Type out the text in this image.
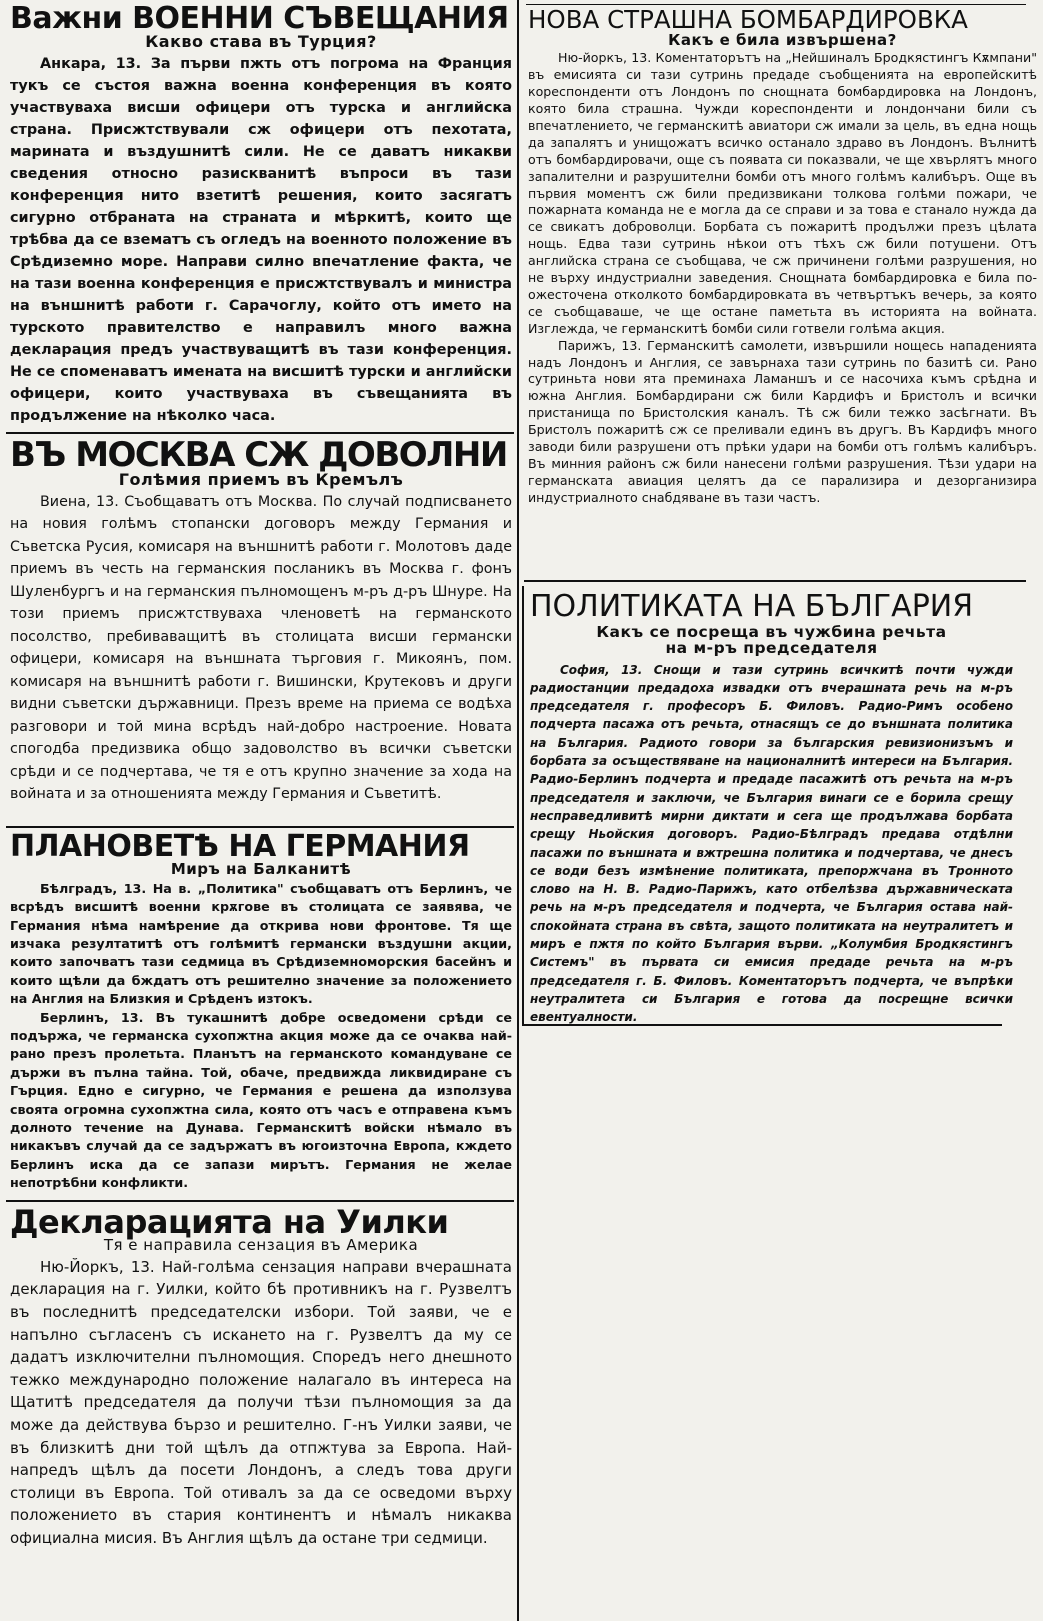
Важни ВОЕННИ СЪВЕЩАНИЯ
Какво става въ Турция?
Анкара, 13. За първи пжть отъ погрома на Франция тукъ се състоя важна военна конференция въ която участвуваха висши офицери отъ турска и английска страна. Присжтствували сж офицери отъ пехотата, марината и въздушнитѣ сили. Не се даватъ никакви сведения относно разискванитѣ въпроси въ тази конференция нито взетитѣ решения, които засягатъ сигурно отбраната на страната и мѣркитѣ, които ще трѣбва да се взематъ съ огледъ на военното положение въ Срѣдиземно море. Направи силно впечатление факта, че на тази военна конференция е присжтствувалъ и министра на външнитѣ работи г. Сарачоглу, който отъ името на турското правителство е направилъ много важна декларация предъ участвуващитѣ въ тази конференция. Не се споменаватъ имената на висшитѣ турски и английски офицери, които участвуваха въ съвещанията въ продължение на нѣколко часа.
ВЪ МОСКВА СЖ ДОВОЛНИ
Голѣмия приемъ въ Кремълъ
Виена, 13. Съобщаватъ отъ Москва. По случай подписването на новия голѣмъ стопански договоръ между Германия и Съветска Русия, комисаря на външнитѣ работи г. Молотовъ даде приемъ въ честь на германския посланикъ въ Москва г. фонъ Шуленбургъ и на германския пълномощенъ м-ръ д-ръ Шнуре. На този приемъ присжтствуваха членоветѣ на германското посолство, пребиваващитѣ въ столицата висши германски офицери, комисаря на външната търговия г. Микоянъ, пом. комисаря на външнитѣ работи г. Вишински, Крутековъ и други видни съветски държавници. Презъ време на приема се водѣха разговори и той мина всрѣдъ най-добро настроение. Новата спогодба предизвика общо задоволство въ всички съветски срѣди и се подчертава, че тя е отъ крупно значение за хода на войната и за отношенията между Германия и Съветитѣ.
ПЛАНОВЕТѢ НА ГЕРМАНИЯ
Миръ на Балканитѣ

Бѣлградъ, 13. На в. „Политика" съобщаватъ отъ Берлинъ, че всрѣдъ висшитѣ военни крѫгове въ столицата се заявява, че Германия нѣма намѣрение да открива нови фронтове. Тя ще изчака резултатитѣ отъ голѣмитѣ германски въздушни акции, които започватъ тази седмица въ Срѣдиземноморския басейнъ и които щѣли да бждатъ отъ решително значение за положението на Англия на Близкия и Срѣденъ изтокъ.

Берлинъ, 13. Въ тукашнитѣ добре осведомени срѣди се подържа, че германска сухопжтна акция може да се очаква най-рано презъ пролетьта. Планътъ на германското командуване се държи въ пълна тайна. Той, обаче, предвижда ликвидиране съ Гърция. Едно е сигурно, че Германия е решена да използува своята огромна сухопжтна сила, която отъ часъ е отправена къмъ долното течение на Дунава. Германскитѣ войски нѣмало въ никакъвъ случай да се задържатъ въ югоизточна Европа, кждето Берлинъ иска да се запази мирътъ. Германия не желае непотрѣбни конфликти.

Декларацията на Уилки
Тя е направила сензация въ Америка
Ню-Йоркъ, 13. Най-голѣма сензация направи вчерашната декларация на г. Уилки, който бѣ противникъ на г. Рузвелтъ въ последнитѣ председателски избори. Той заяви, че е напълно съгласенъ съ искането на г. Рузвелтъ да му се дадатъ изключителни пълномощия. Споредъ него днешното тежко международно положение налагало въ интереса на Щатитѣ председателя да получи тѣзи пълномощия за да може да действува бързо и решително. Г-нъ Уилки заяви, че въ близкитѣ дни той щѣлъ да отпжтува за Европа. Най-напредъ щѣлъ да посети Лондонъ, а следъ това други столици въ Европа. Той отивалъ за да се осведоми върху положението въ стария континентъ и нѣмалъ никаква официална мисия. Въ Англия щѣлъ да остане три седмици.
НОВА СТРАШНА БОМБАРДИРОВКА
Какъ е била извършена?

Ню-йоркъ, 13. Коментаторътъ на „Нейшиналъ Бродкястингъ Кѫмпани" въ емисията си тази сутринь предаде съобщенията на европейскитѣ кореспонденти отъ Лондонъ по снощната бомбардировка на Лондонъ, която била страшна. Чужди кореспонденти и лондончани били съ впечатлението, че германскитѣ авиатори сж имали за цель, въ една нощь да запалятъ и унищожатъ всичко останало здраво въ Лондонъ. Вълнитѣ отъ бомбардировачи, още съ появата си показвали, че ще хвърлятъ много запалителни и разрушителни бомби отъ много голѣмъ калибъръ. Още въ първия моментъ сж били предизвикани толкова голѣми пожари, че пожарната команда не е могла да се справи и за това е станало нужда да се свикатъ доброволци. Борбата съ пожаритѣ продължи презъ цѣлата нощь. Едва тази сутринь нѣкои отъ тѣхъ сж били потушени. Отъ английска страна се съобщава, че сж причинени голѣми разрушения, но не върху индустриални заведения. Снощната бомбардировка е била по-ожесточена отколкото бомбардировката въ четвъртъкъ вечерь, за която се съобщаваше, че ще остане паметьта въ историята на войната. Изглежда, че германскитѣ бомби сили готвели голѣма акция.

Парижъ, 13. Германскитѣ самолети, извършили нощесь нападенията надъ Лондонъ и Англия, се завърнаха тази сутринь по базитѣ си. Рано сутриньта нови ята преминаха Ламаншъ и се насочиха къмъ срѣдна и южна Англия. Бомбардирани сж били Кардифъ и Бристолъ и всички пристанища по Бристолския каналъ. Тѣ сж били тежко засѣгнати. Въ Бристолъ пожаритѣ сж се преливали единъ въ другъ. Въ Кардифъ много заводи били разрушени отъ прѣки удари на бомби отъ голѣмъ калибъръ. Въ минния районъ сж били нанесени голѣми разрушения. Тѣзи удари на германската авиация целятъ да се парализира и дезорганизира индустриалното снабдяване въ тази частъ.

ПОЛИТИКАТА НА БЪЛГАРИЯ
Какъ се посреща въ чужбина речьта
на м-ръ председателя
София, 13. Снощи и тази сутринь всичкитѣ почти чужди радиостанции предадоха извадки отъ вчерашната речь на м-ръ председателя г. професоръ Б. Филовъ. Радио-Римъ особено подчерта пасажа отъ речьта, отнасящъ се до външната политика на България. Радиото говори за българския ревизионизъмъ и борбата за осъществяване на националнитѣ интереси на България. Радио-Берлинъ подчерта и предаде пасажитѣ отъ речьта на м-ръ председателя и заключи, че България винаги се е борила срещу несправедливитѣ мирни диктати и сега ще продължава борбата срещу Ньойския договоръ. Радио-Бѣлградъ предава отдѣлни пасажи по външната и вжтрешна политика и подчертава, че днесъ се води безъ измѣнение политиката, препоржчана въ Тронното слово на Н. В. Радио-Парижъ, като отбелѣзва държавническата речь на м-ръ председателя и подчерта, че България остава най-спокойната страна въ свѣта, защото политиката на неутралитетъ и миръ е пжтя по който България върви. „Колумбия Бродкястингъ Системъ" въ първата си емисия предаде речьта на м-ръ председателя г. Б. Филовъ. Коментаторътъ подчерта, че въпрѣки неутралитета си България е готова да посрещне всички евентуалности.
